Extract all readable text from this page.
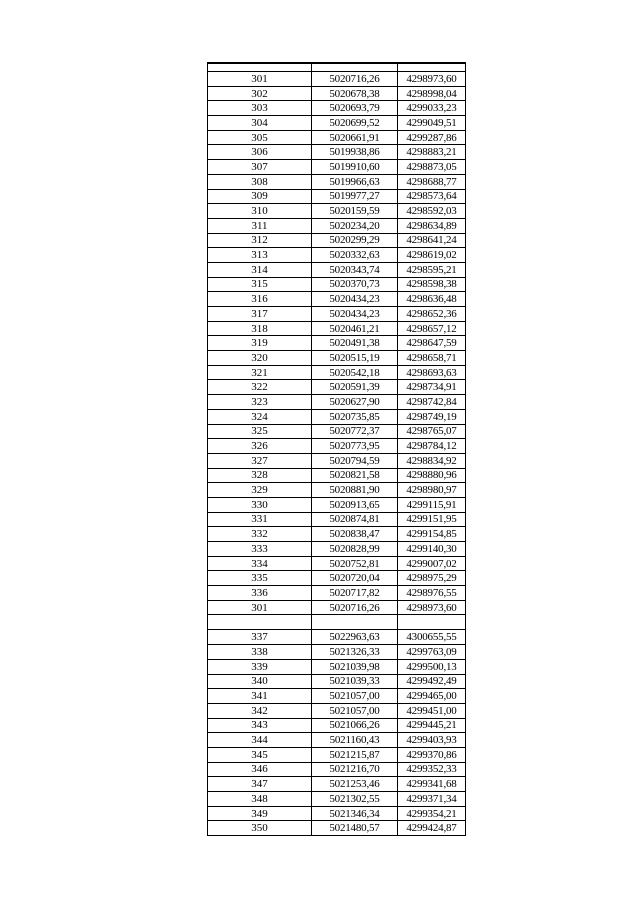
301	5020716,26	4298973,60
302	5020678,38	4298998,04
303	5020693,79	4299033,23
304	5020699,52	4299049,51
305	5020661,91	4299287,86
306	5019938,86	4298883,21
307	5019910,60	4298873,05
308	5019966,63	4298688,77
309	5019977,27	4298573,64
310	5020159,59	4298592,03
311	5020234,20	4298634,89
312	5020299,29	4298641,24
313	5020332,63	4298619,02
314	5020343,74	4298595,21
315	5020370,73	4298598,38
316	5020434,23	4298636,48
317	5020434,23	4298652,36
318	5020461,21	4298657,12
319	5020491,38	4298647,59
320	5020515,19	4298658,71
321	5020542,18	4298693,63
322	5020591,39	4298734,91
323	5020627,90	4298742,84
324	5020735,85	4298749,19
325	5020772,37	4298765,07
326	5020773,95	4298784,12
327	5020794,59	4298834,92
328	5020821,58	4298880,96
329	5020881,90	4298980,97
330	5020913,65	4299115,91
331	5020874,81	4299151,95
332	5020838,47	4299154,85
333	5020828,99	4299140,30
334	5020752,81	4299007,02
335	5020720,04	4298975,29
336	5020717,82	4298976,55
301	5020716,26	4298973,60

337	5022963,63	4300655,55
338	5021326,33	4299763,09
339	5021039,98	4299500,13
340	5021039,33	4299492,49
341	5021057,00	4299465,00
342	5021057,00	4299451,00
343	5021066,26	4299445,21
344	5021160,43	4299403,93
345	5021215,87	4299370,86
346	5021216,70	4299352,33
347	5021253,46	4299341,68
348	5021302,55	4299371,34
349	5021346,34	4299354,21
350	5021480,57	4299424,87
